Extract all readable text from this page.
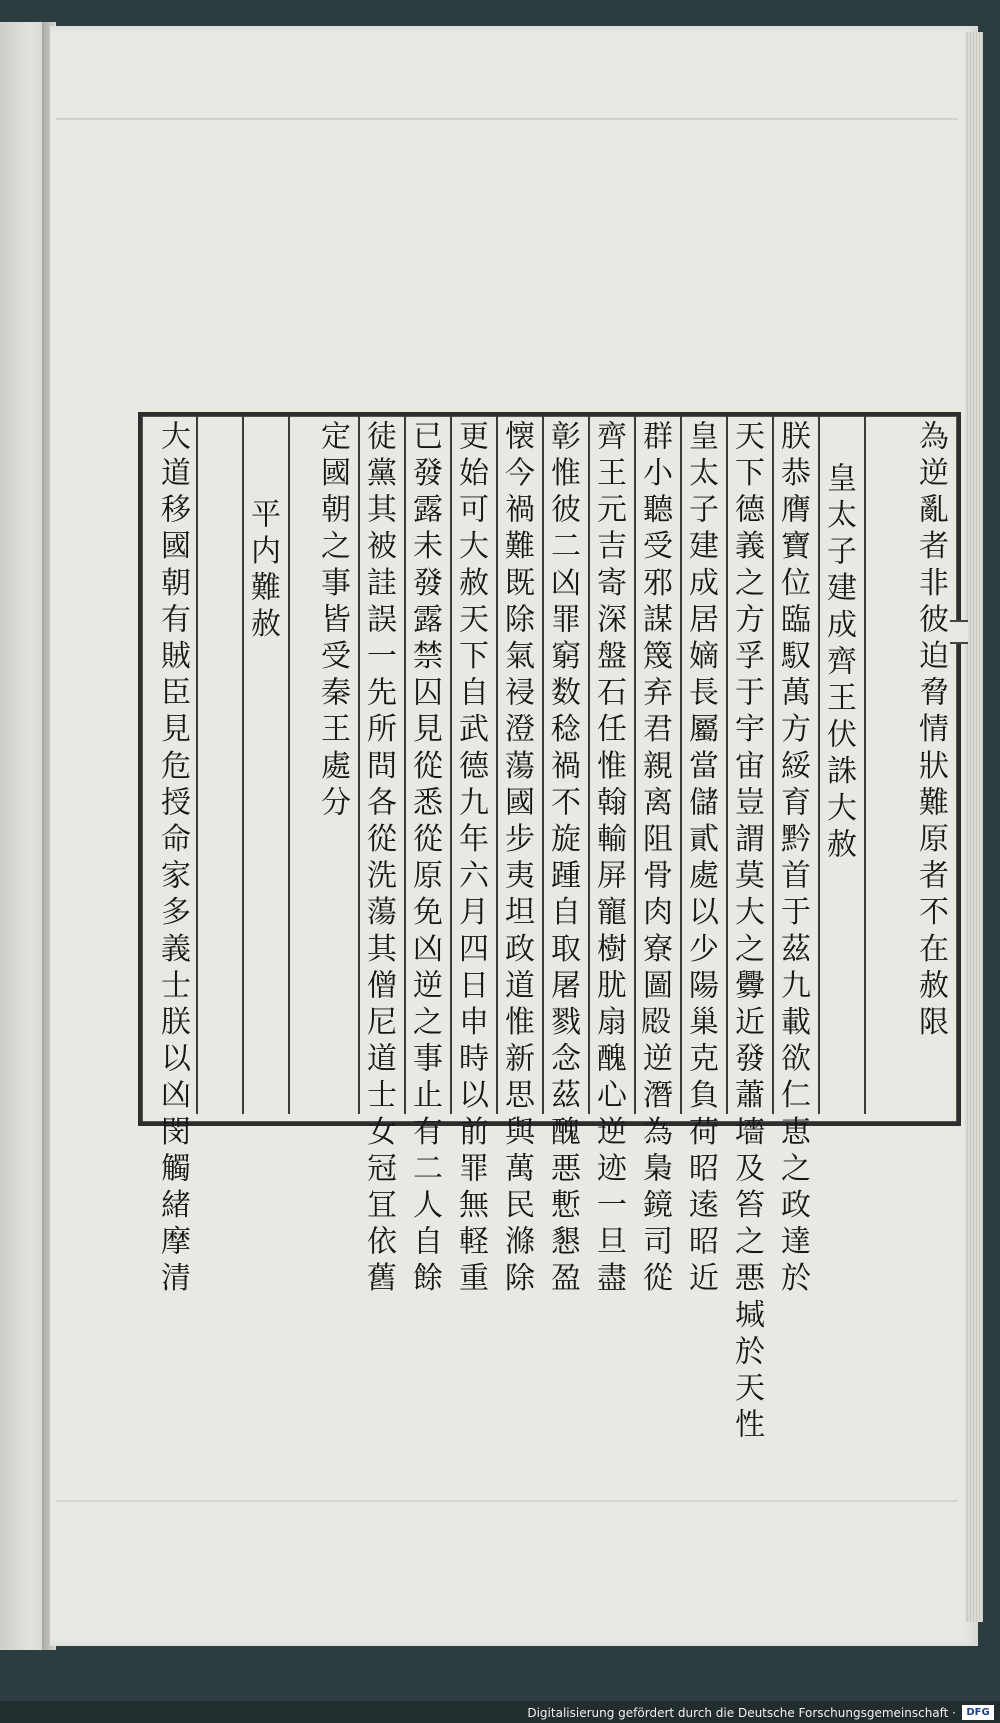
為逆亂者非彼迫脅情狀難原者不在赦限
皇太子建成齊王伏誅大赦
朕恭膺寶位臨馭萬方綏育黔首于茲九載欲仁恵之政達於
天下德義之方孚于宇宙豈謂莫大之釁近發蕭墻及笞之悪堿於天性
皇太子建成居嫡長屬當儲貳處以少陽巢克負荷昭逺昭近
群小聽受邪謀篾弃君親离阻骨肉寮圖𣪍逆潛為梟鏡司從
齊王元吉寄深盤石任惟翰輸屏寵樹肬扇醜心逆迹一旦盡
彰惟彼二凶罪窮数稔禍不旋踵自取屠戮念茲醜悪慙懇盈
懐今禍難既除氣祲澄蕩國步夷坦政道惟新思與萬民滌除
更始可大赦天下自武德九年六月四日申時以前罪無軽重
已發露未發露禁囚見從悉從原免凶逆之事止有二人自餘
徒黨其被詿誤一先所問各從洗蕩其僧尼道士女冠冝依舊
定國朝之事皆受秦王處分
平内難赦
大道移國朝有賊臣見危授命家多義士朕以凶閔觸緒摩清
Digitalisierung gefördert durch die Deutsche Forschungsgemeinschaft ·	DFG
